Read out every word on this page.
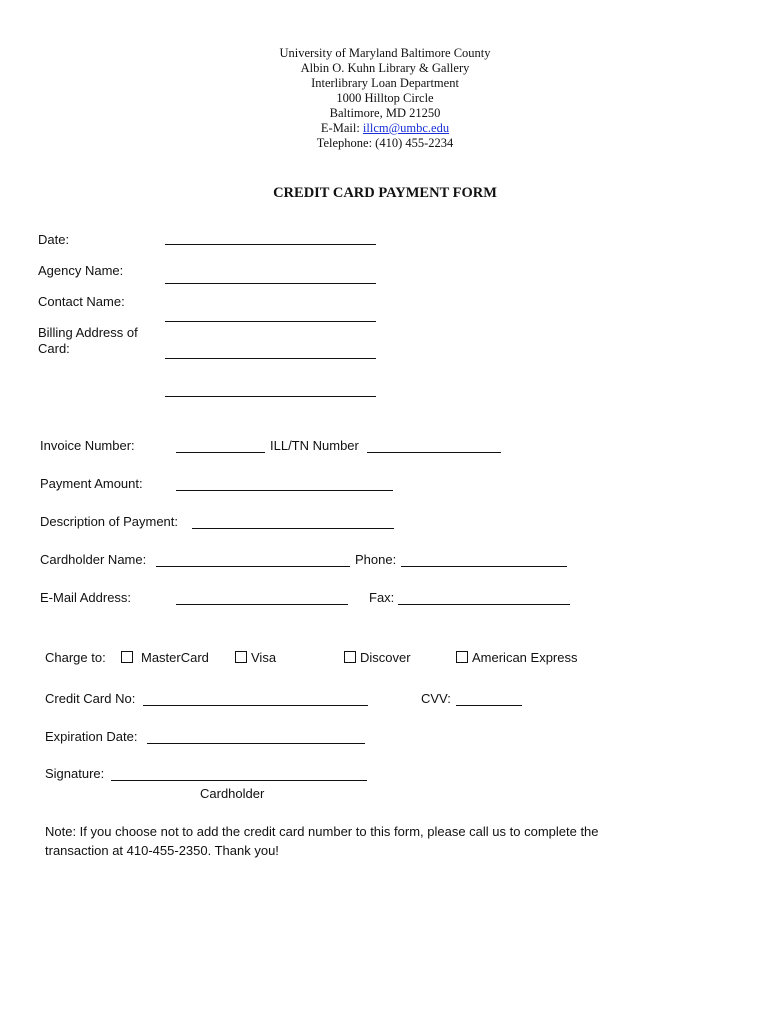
University of Maryland Baltimore County
Albin O. Kuhn Library & Gallery
Interlibrary Loan Department
1000 Hilltop Circle
Baltimore, MD 21250
E-Mail: illcm@umbc.edu
Telephone: (410) 455-2234
CREDIT CARD PAYMENT FORM
Date:
Agency Name:
Contact Name:
Billing Address of
Card:
Invoice Number:	ILL/TN Number
Payment Amount:
Description of Payment:
Cardholder Name:	Phone:
E-Mail Address:	Fax:
Charge to:	MasterCard	Visa	Discover	American Express
Credit Card No:	CVV:
Expiration Date:
Signature:
Cardholder
Note: If you choose not to add the credit card number to this form, please call us to complete the
transaction at 410-455-2350. Thank you!
